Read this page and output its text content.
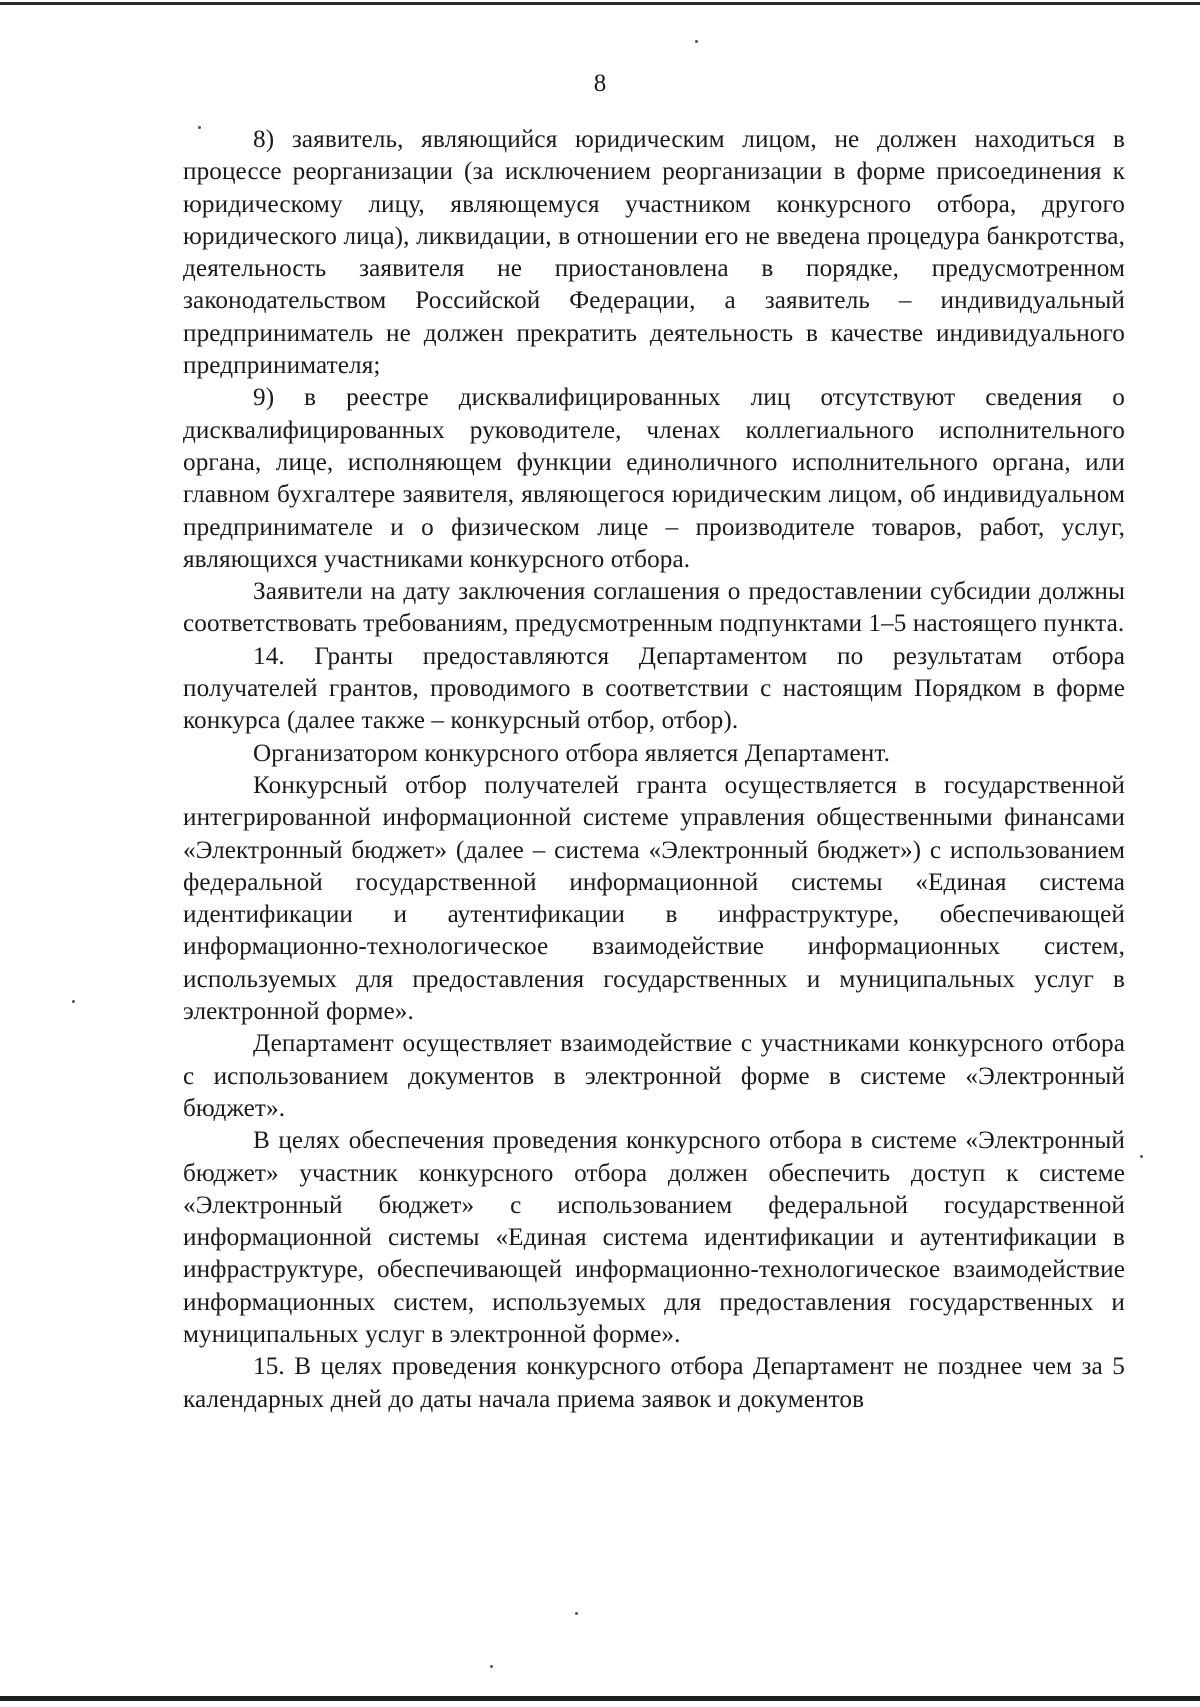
8

8) заявитель, являющийся юридическим лицом, не должен находиться в процессе реорганизации (за исключением реорганизации в форме присоединения к юридическому лицу, являющемуся участником конкурсного отбора, другого юридического лица), ликвидации, в отношении его не введена процедура банкротства, деятельность заявителя не приостановлена в порядке, предусмотренном законодательством Российской Федерации, а заявитель – индивидуальный предприниматель не должен прекратить деятельность в качестве индивидуального предпринимателя;

9) в реестре дисквалифицированных лиц отсутствуют сведения о дисквалифицированных руководителе, членах коллегиального исполнительного органа, лице, исполняющем функции единоличного исполнительного органа, или главном бухгалтере заявителя, являющегося юридическим лицом, об индивидуальном предпринимателе и о физическом лице – производителе товаров, работ, услуг, являющихся участниками конкурсного отбора.

Заявители на дату заключения соглашения о предоставлении субсидии должны соответствовать требованиям, предусмотренным подпунктами 1–5 настоящего пункта.

14. Гранты предоставляются Департаментом по результатам отбора получателей грантов, проводимого в соответствии с настоящим Порядком в форме конкурса (далее также – конкурсный отбор, отбор).

Организатором конкурсного отбора является Департамент.

Конкурсный отбор получателей гранта осуществляется в государственной интегрированной информационной системе управления общественными финансами «Электронный бюджет» (далее – система «Электронный бюджет») с использованием федеральной государственной информационной системы «Единая система идентификации и аутентификации в инфраструктуре, обеспечивающей информационно-технологическое взаимодействие информационных систем, используемых для предоставления государственных и муниципальных услуг в электронной форме».

Департамент осуществляет взаимодействие с участниками конкурсного отбора с использованием документов в электронной форме в системе «Электронный бюджет».

В целях обеспечения проведения конкурсного отбора в системе «Электронный бюджет» участник конкурсного отбора должен обеспечить доступ к системе «Электронный бюджет» с использованием федеральной государственной информационной системы «Единая система идентификации и аутентификации в инфраструктуре, обеспечивающей информационно-технологическое взаимодействие информационных систем, используемых для предоставления государственных и муниципальных услуг в электронной форме».

15. В целях проведения конкурсного отбора Департамент не позднее чем за 5 календарных дней до даты начала приема заявок и документов
